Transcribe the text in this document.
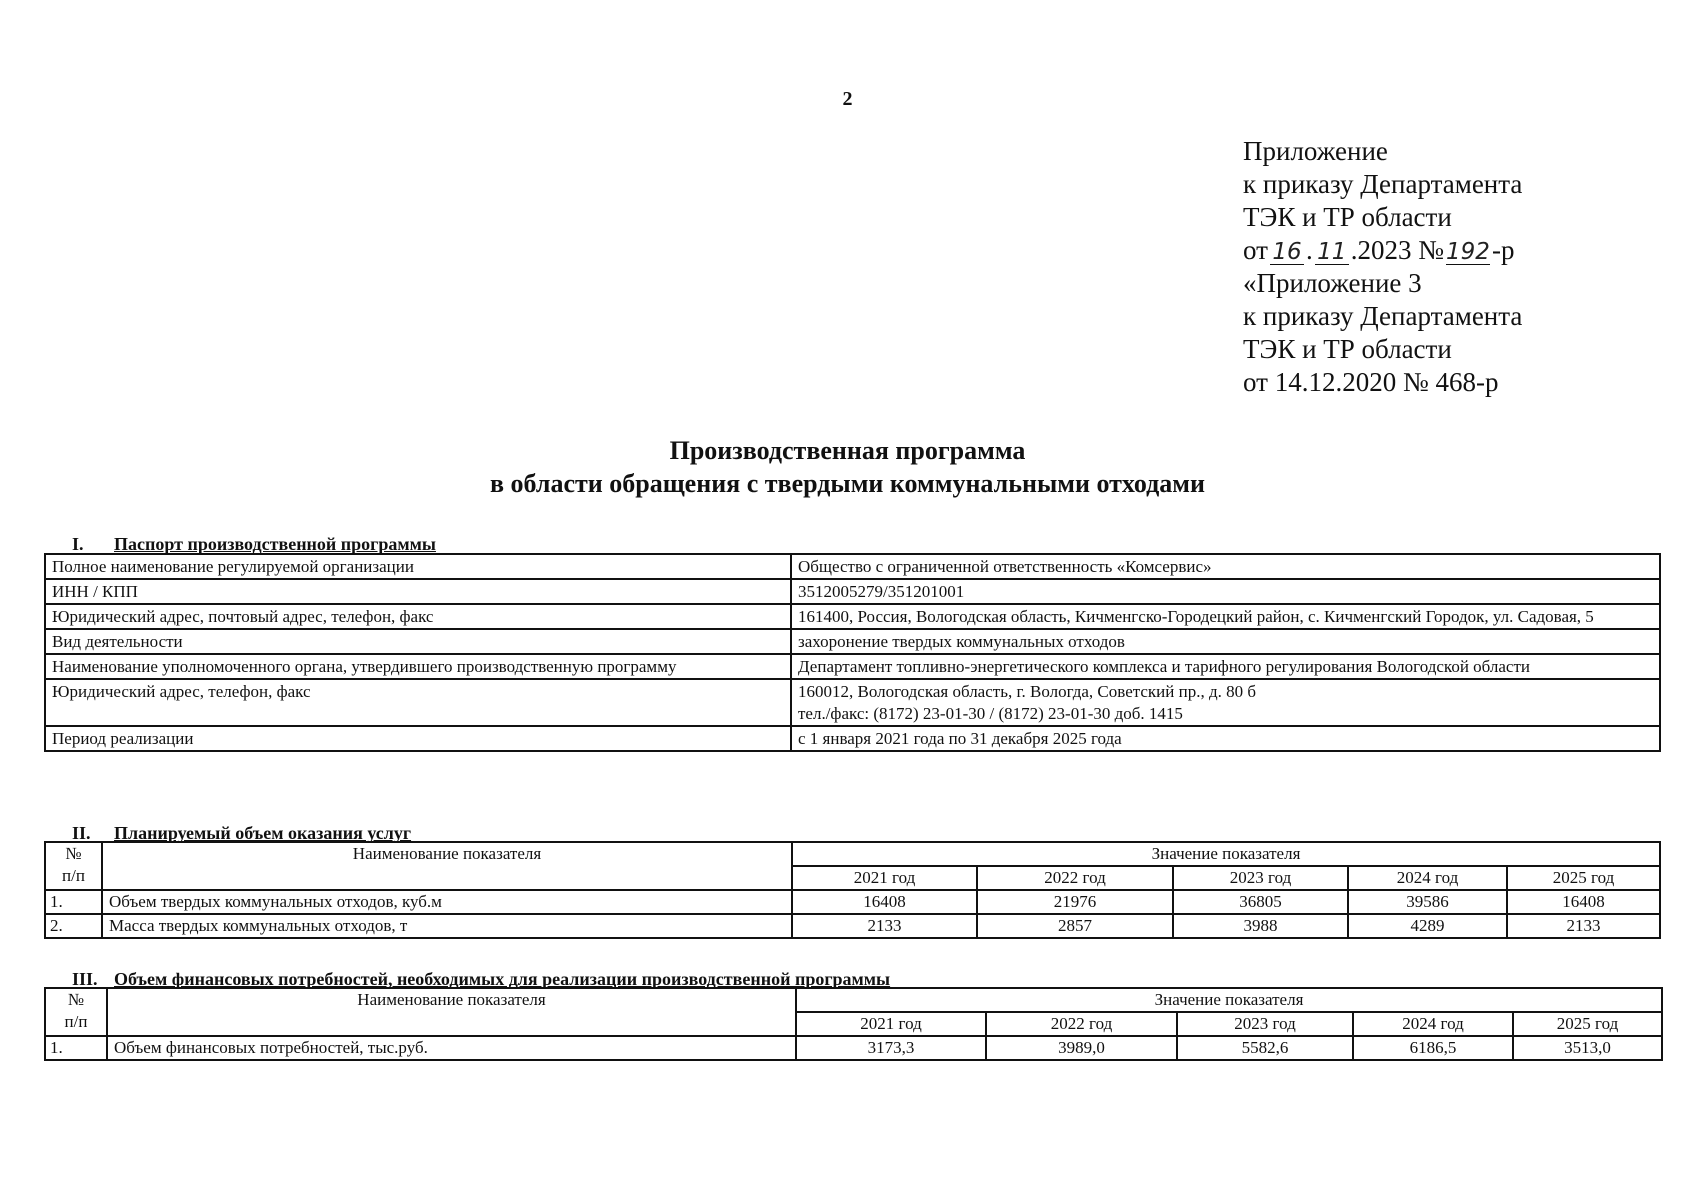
2
Приложение
к приказу Департамента
ТЭК и ТР области
от 16 . 11 .2023 №192-р
«Приложение 3
к приказу Департамента
ТЭК и ТР области
от 14.12.2020 № 468-р
Производственная программа
в области обращения с твердыми коммунальными отходами
I. Паспорт производственной программы
Полное наименование регулируемой организации	Общество с ограниченной ответственность «Комсервис»
ИНН / КПП	3512005279/351201001
Юридический адрес, почтовый адрес, телефон, факс	161400, Россия, Вологодская область, Кичменгско-Городецкий район, с. Кичменгский Городок, ул. Садовая, 5
Вид деятельности	захоронение твердых коммунальных отходов
Наименование уполномоченного органа, утвердившего производственную программу	Департамент топливно-энергетического комплекса и тарифного регулирования Вологодской области
Юридический адрес, телефон, факс	160012, Вологодская область, г. Вологда, Советский пр., д. 80 б
тел./факс: (8172) 23-01-30 / (8172) 23-01-30 доб. 1415
Период реализации	с 1 января 2021 года по 31 декабря 2025 года
II. Планируемый объем оказания услуг
№
п/п	Наименование показателя	Значение показателя				
		2021 год	2022 год	2023 год	2024 год	2025 год
1.	Объем твердых коммунальных отходов, куб.м	16408	21976	36805	39586	16408
2.	Масса твердых коммунальных отходов, т	2133	2857	3988	4289	2133
III. Объем финансовых потребностей, необходимых для реализации производственной программы
№
п/п	Наименование показателя	Значение показателя				
		2021 год	2022 год	2023 год	2024 год	2025 год
1.	Объем финансовых потребностей, тыс.руб.	3173,3	3989,0	5582,6	6186,5	3513,0
